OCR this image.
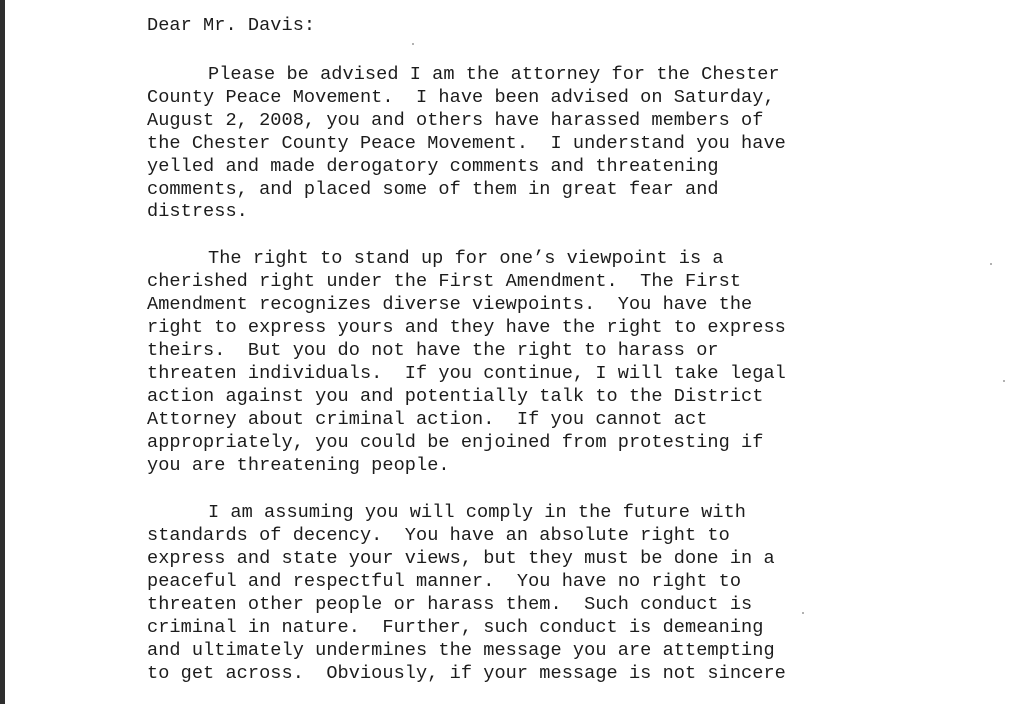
Dear Mr. Davis:

Please be advised I am the attorney for the Chester

County Peace Movement.  I have been advised on Saturday,

August 2, 2008, you and others have harassed members of

the Chester County Peace Movement.  I understand you have

yelled and made derogatory comments and threatening

comments, and placed some of them in great fear and

distress.

The right to stand up for one’s viewpoint is a

cherished right under the First Amendment.  The First

Amendment recognizes diverse viewpoints.  You have the

right to express yours and they have the right to express

theirs.  But you do not have the right to harass or

threaten individuals.  If you continue, I will take legal

action against you and potentially talk to the District

Attorney about criminal action.  If you cannot act

appropriately, you could be enjoined from protesting if

you are threatening people.

I am assuming you will comply in the future with

standards of decency.  You have an absolute right to

express and state your views, but they must be done in a

peaceful and respectful manner.  You have no right to

threaten other people or harass them.  Such conduct is

criminal in nature.  Further, such conduct is demeaning

and ultimately undermines the message you are attempting

to get across.  Obviously, if your message is not sincere
